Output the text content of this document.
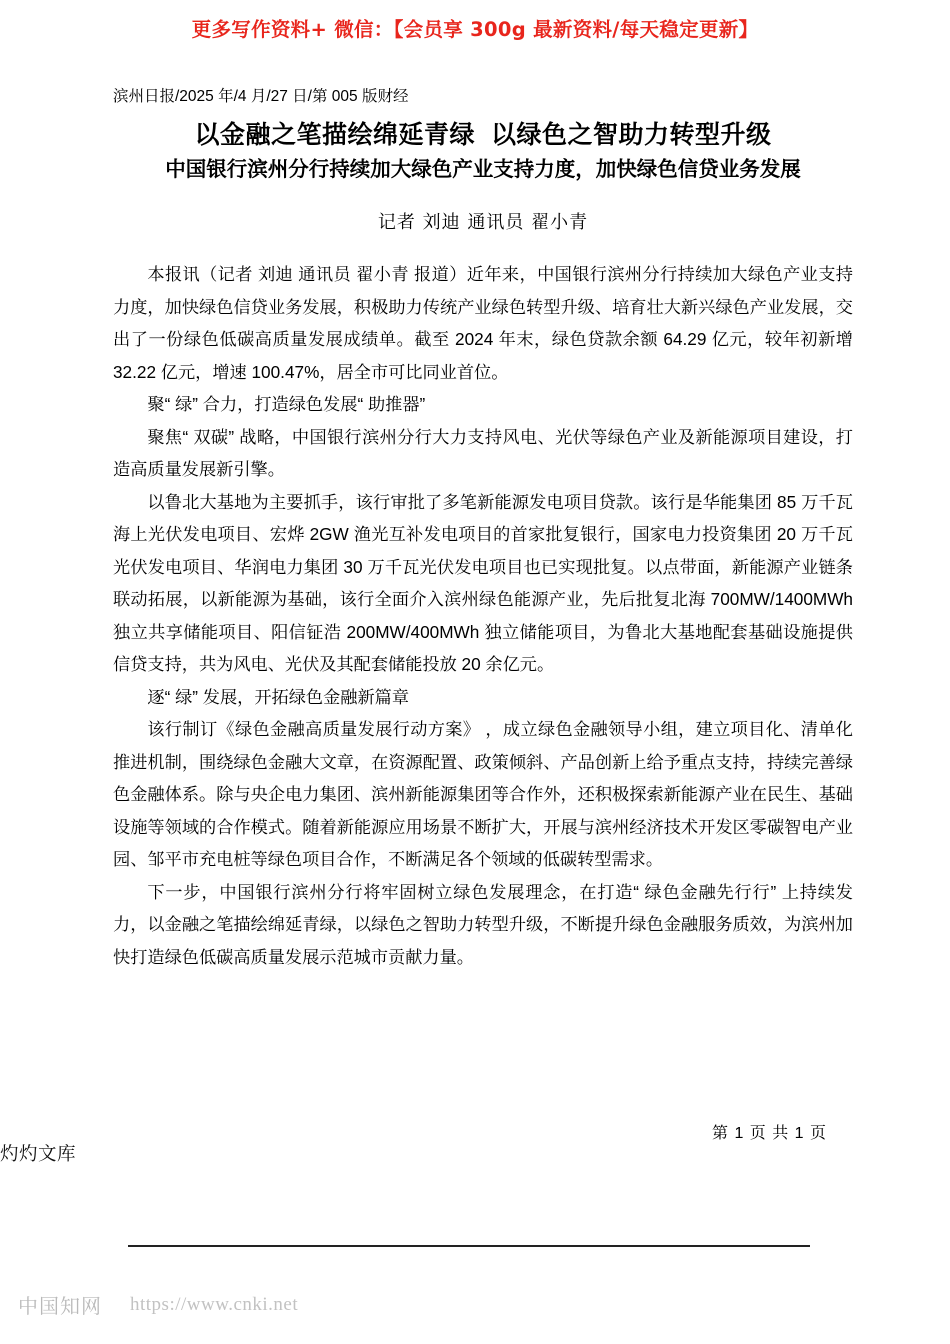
更多写作资料+ 微信：【会员享 300g 最新资料/每天稳定更新】
滨州日报/2025 年/4 月/27 日/第 005 版财经
以金融之笔描绘绵延青绿 以绿色之智助力转型升级
中国银行滨州分行持续加大绿色产业支持力度，加快绿色信贷业务发展
记者 刘迪 通讯员 翟小青

本报讯（记者 刘迪 通讯员 翟小青 报道）近年来，中国银行滨州分行持续加大绿色产业支持力度，加快绿色信贷业务发展，积极助力传统产业绿色转型升级、培育壮大新兴绿色产业发展，交出了一份绿色低碳高质量发展成绩单。截至 2024 年末，绿色贷款余额 64.29 亿元，较年初新增 32.22 亿元，增速 100.47%，居全市可比同业首位。

聚“ 绿” 合力，打造绿色发展“ 助推器”

聚焦“ 双碳” 战略，中国银行滨州分行大力支持风电、光伏等绿色产业及新能源项目建设，打造高质量发展新引擎。

以鲁北大基地为主要抓手，该行审批了多笔新能源发电项目贷款。该行是华能集团 85 万千瓦海上光伏发电项目、宏烨 2GW 渔光互补发电项目的首家批复银行，国家电力投资集团 20 万千瓦光伏发电项目、华润电力集团 30 万千瓦光伏发电项目也已实现批复。以点带面，新能源产业链条联动拓展，以新能源为基础，该行全面介入滨州绿色能源产业，先后批复北海 700MW/1400MWh 独立共享储能项目、阳信钲浩 200MW/400MWh 独立储能项目，为鲁北大基地配套基础设施提供信贷支持，共为风电、光伏及其配套储能投放 20 余亿元。

逐“ 绿” 发展，开拓绿色金融新篇章

该行制订《绿色金融高质量发展行动方案》 ，成立绿色金融领导小组，建立项目化、清单化推进机制，围绕绿色金融大文章，在资源配置、政策倾斜、产品创新上给予重点支持，持续完善绿色金融体系。除与央企电力集团、滨州新能源集团等合作外，还积极探索新能源产业在民生、基础设施等领域的合作模式。随着新能源应用场景不断扩大，开展与滨州经济技术开发区零碳智电产业园、邹平市充电桩等绿色项目合作，不断满足各个领域的低碳转型需求。

下一步，中国银行滨州分行将牢固树立绿色发展理念，在打造“ 绿色金融先行行” 上持续发力，以金融之笔描绘绵延青绿，以绿色之智助力转型升级，不断提升绿色金融服务质效，为滨州加快打造绿色低碳高质量发展示范城市贡献力量。

第 1 页 共 1 页
灼灼文库
中国知网 https://www.cnki.net
